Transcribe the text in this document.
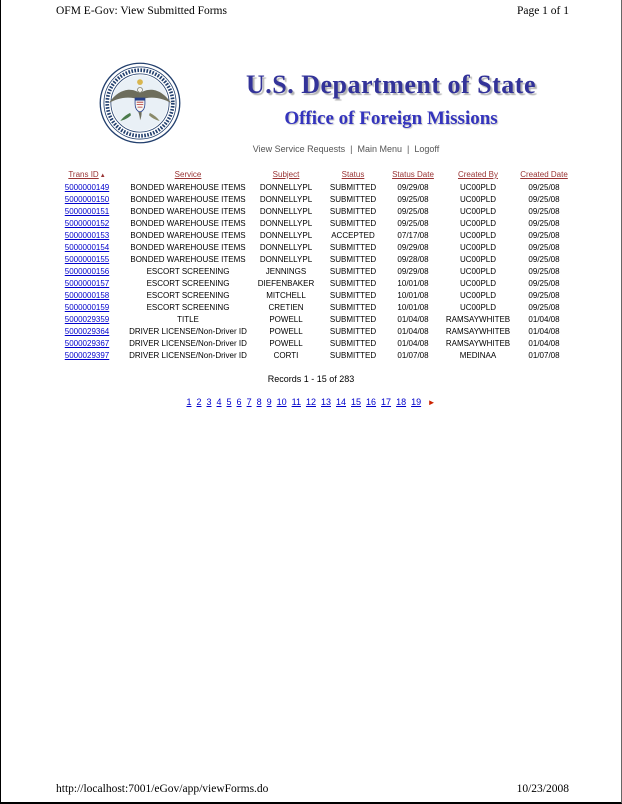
OFM E-Gov: View Submitted Forms	Page 1 of 1
U.S. Department of State
Office of Foreign Missions
View Service Requests | Main Menu | Logoff
Trans ID▲	Service	Subject	Status	Status Date	Created By	Created Date
5000000149	BONDED WAREHOUSE ITEMS	DONNELLYPL	SUBMITTED	09/29/08	UC00PLD	09/25/08
5000000150	BONDED WAREHOUSE ITEMS	DONNELLYPL	SUBMITTED	09/25/08	UC00PLD	09/25/08
5000000151	BONDED WAREHOUSE ITEMS	DONNELLYPL	SUBMITTED	09/25/08	UC00PLD	09/25/08
5000000152	BONDED WAREHOUSE ITEMS	DONNELLYPL	SUBMITTED	09/25/08	UC00PLD	09/25/08
5000000153	BONDED WAREHOUSE ITEMS	DONNELLYPL	ACCEPTED	07/17/08	UC00PLD	09/25/08
5000000154	BONDED WAREHOUSE ITEMS	DONNELLYPL	SUBMITTED	09/29/08	UC00PLD	09/25/08
5000000155	BONDED WAREHOUSE ITEMS	DONNELLYPL	SUBMITTED	09/28/08	UC00PLD	09/25/08
5000000156	ESCORT SCREENING	JENNINGS	SUBMITTED	09/29/08	UC00PLD	09/25/08
5000000157	ESCORT SCREENING	DIEFENBAKER	SUBMITTED	10/01/08	UC00PLD	09/25/08
5000000158	ESCORT SCREENING	MITCHELL	SUBMITTED	10/01/08	UC00PLD	09/25/08
5000000159	ESCORT SCREENING	CRETIEN	SUBMITTED	10/01/08	UC00PLD	09/25/08
5000029359	TITLE	POWELL	SUBMITTED	01/04/08	RAMSAYWHITEB	01/04/08
5000029364	DRIVER LICENSE/Non-Driver ID	POWELL	SUBMITTED	01/04/08	RAMSAYWHITEB	01/04/08
5000029367	DRIVER LICENSE/Non-Driver ID	POWELL	SUBMITTED	01/04/08	RAMSAYWHITEB	01/04/08
5000029397	DRIVER LICENSE/Non-Driver ID	CORTI	SUBMITTED	01/07/08	MEDINAA	01/07/08
Records 1 - 15 of 283
1 2 3 4 5 6 7 8 9 10 11 12 13 14 15 16 17 18 19 ►
http://localhost:7001/eGov/app/viewForms.do	10/23/2008
